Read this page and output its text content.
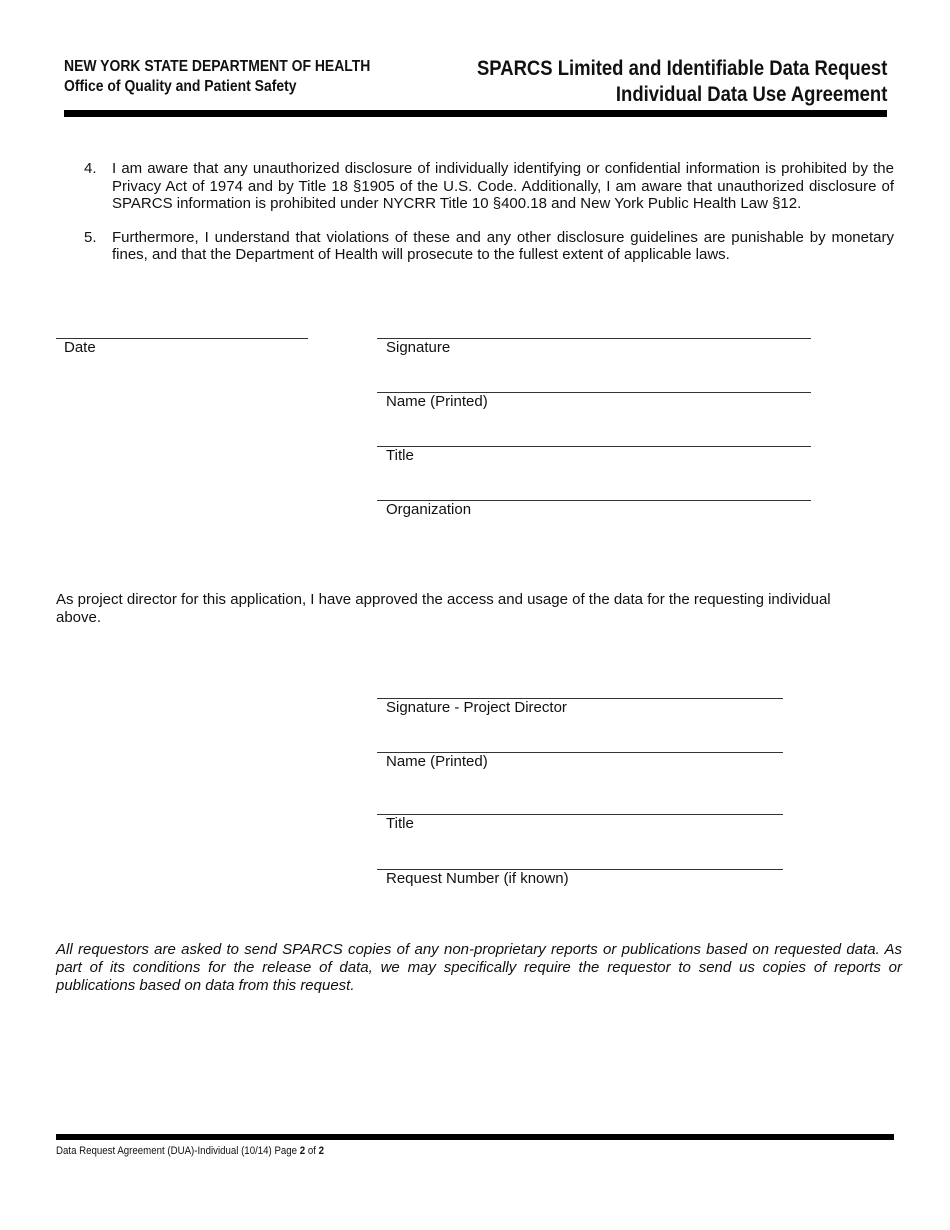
NEW YORK STATE DEPARTMENT OF HEALTH
Office of Quality and Patient Safety
SPARCS Limited and Identifiable Data Request
Individual Data Use Agreement
4.	I am aware that any unauthorized disclosure of individually identifying or confidential information is prohibited by the Privacy Act of 1974 and by Title 18 §1905 of the U.S. Code. Additionally, I am aware that unauthorized disclosure of SPARCS information is prohibited under NYCRR Title 10 §400.18 and New York Public Health Law §12.
5.	Furthermore, I understand that violations of these and any other disclosure guidelines are punishable by monetary fines, and that the Department of Health will prosecute to the fullest extent of applicable laws.
Date	Signature
Name (Printed)
Title
Organization
As project director for this application, I have approved the access and usage of the data for the requesting individual above.
Signature - Project Director
Name (Printed)
Title
Request Number (if known)
All requestors are asked to send SPARCS copies of any non-proprietary reports or publications based on requested data. As part of its conditions for the release of data, we may specifically require the requestor to send us copies of reports or publications based on data from this request.
Data Request Agreement (DUA)-Individual (10/14) Page 2 of 2
